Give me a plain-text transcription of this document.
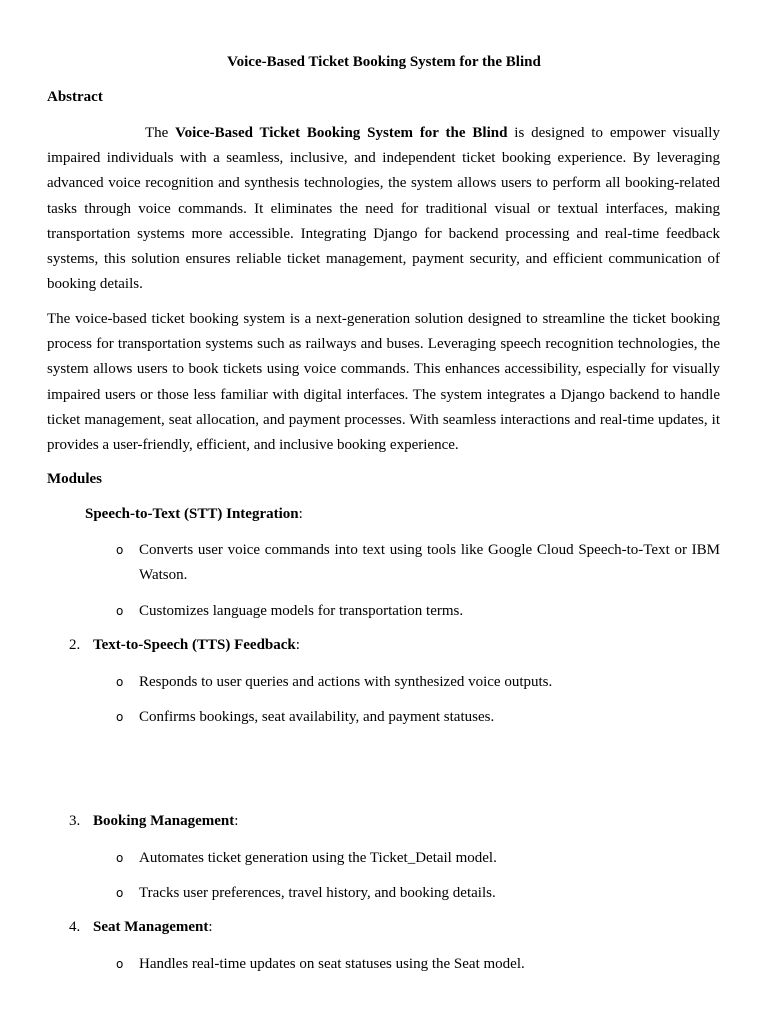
Voice-Based Ticket Booking System for the Blind
Abstract

The Voice-Based Ticket Booking System for the Blind is designed to empower visually impaired individuals with a seamless, inclusive, and independent ticket booking experience. By leveraging advanced voice recognition and synthesis technologies, the system allows users to perform all booking-related tasks through voice commands. It eliminates the need for traditional visual or textual interfaces, making transportation systems more accessible. Integrating Django for backend processing and real-time feedback systems, this solution ensures reliable ticket management, payment security, and efficient communication of booking details.

The voice-based ticket booking system is a next-generation solution designed to streamline the ticket booking process for transportation systems such as railways and buses. Leveraging speech recognition technologies, the system allows users to book tickets using voice commands. This enhances accessibility, especially for visually impaired users or those less familiar with digital interfaces. The system integrates a Django backend to handle ticket management, seat allocation, and payment processes. With seamless interactions and real-time updates, it provides a user-friendly, efficient, and inclusive booking experience.

Modules
Speech-to-Text (STT) Integration:
o Converts user voice commands into text using tools like Google Cloud Speech-to-Text or IBM Watson.

o Customizes language models for transportation terms.

2. Text-to-Speech (TTS) Feedback:
o Responds to user queries and actions with synthesized voice outputs.

o Confirms bookings, seat availability, and payment statuses.

3. Booking Management:
o Automates ticket generation using the Ticket_Detail model.

o Tracks user preferences, travel history, and booking details.

4. Seat Management:
o Handles real-time updates on seat statuses using the Seat model.
